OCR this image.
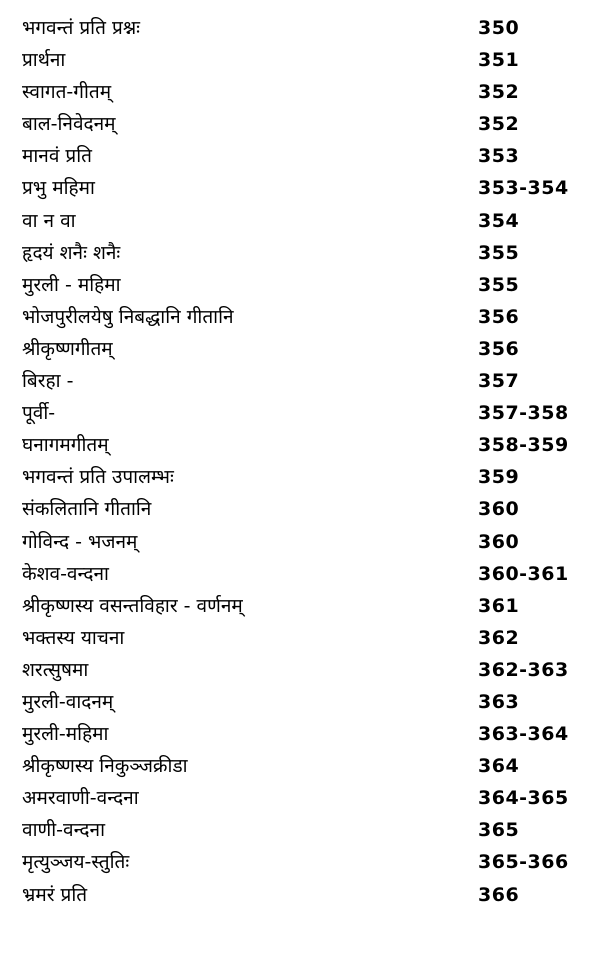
भगवन्तं प्रति प्रश्नः	350
प्रार्थना	351
स्वागत-गीतम्	352
बाल-निवेदनम्	352
मानवं प्रति	353
प्रभु महिमा	353-354
वा न वा	354
हृदयं शनैः शनैः	355
मुरली - महिमा	355
भोजपुरीलयेषु निबद्धानि गीतानि	356
श्रीकृष्णगीतम्	356
बिरहा -	357
पूर्वी-	357-358
घनागमगीतम्	358-359
भगवन्तं प्रति उपालम्भः	359
संकलितानि गीतानि	360
गोविन्द - भजनम्	360
केशव-वन्दना	360-361
श्रीकृष्णस्य वसन्तविहार - वर्णनम्	361
भक्तस्य याचना	362
शरत्सुषमा	362-363
मुरली-वादनम्	363
मुरली-महिमा	363-364
श्रीकृष्णस्य निकुञ्जक्रीडा	364
अमरवाणी-वन्दना	364-365
वाणी-वन्दना	365
मृत्युञ्जय-स्तुतिः	365-366
भ्रमरं प्रति	366
